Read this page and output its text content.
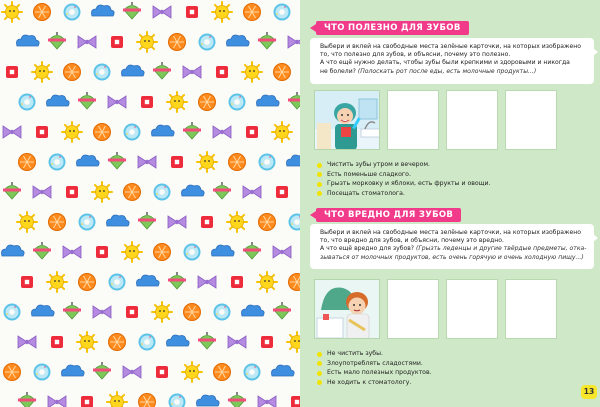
ЧТО ПОЛЕЗНО ДЛЯ ЗУБОВ
Выбери и вклей на свободные места зелёные карточки, на которых изображено
то, что полезно для зубов, и объясни, почему это полезно.
А что ещё нужно делать, чтобы зубы были крепкими и здоровыми и никогда
не болели? (Полоскать рот после еды, есть молочные продукты...)
Чистить зубы утром и вечером.
Есть поменьше сладкого.
Грызть морковку и яблоки, есть фрукты и овощи.
Посещать стоматолога.
ЧТО ВРЕДНО ДЛЯ ЗУБОВ
Выбери и вклей на свободные места зелёные карточки, на которых изображено
то, что вредно для зубов, и объясни, почему это вредно.
А что ещё вредно для зубов? (Грызть леденцы и другие твёрдые предметы, отка-
зываться от молочных продуктов, есть очень горячую и очень холодную пищу...)
Не чистить зубы.
Злоупотреблять сладостями.
Есть мало полезных продуктов.
Не ходить к стоматологу.
13
